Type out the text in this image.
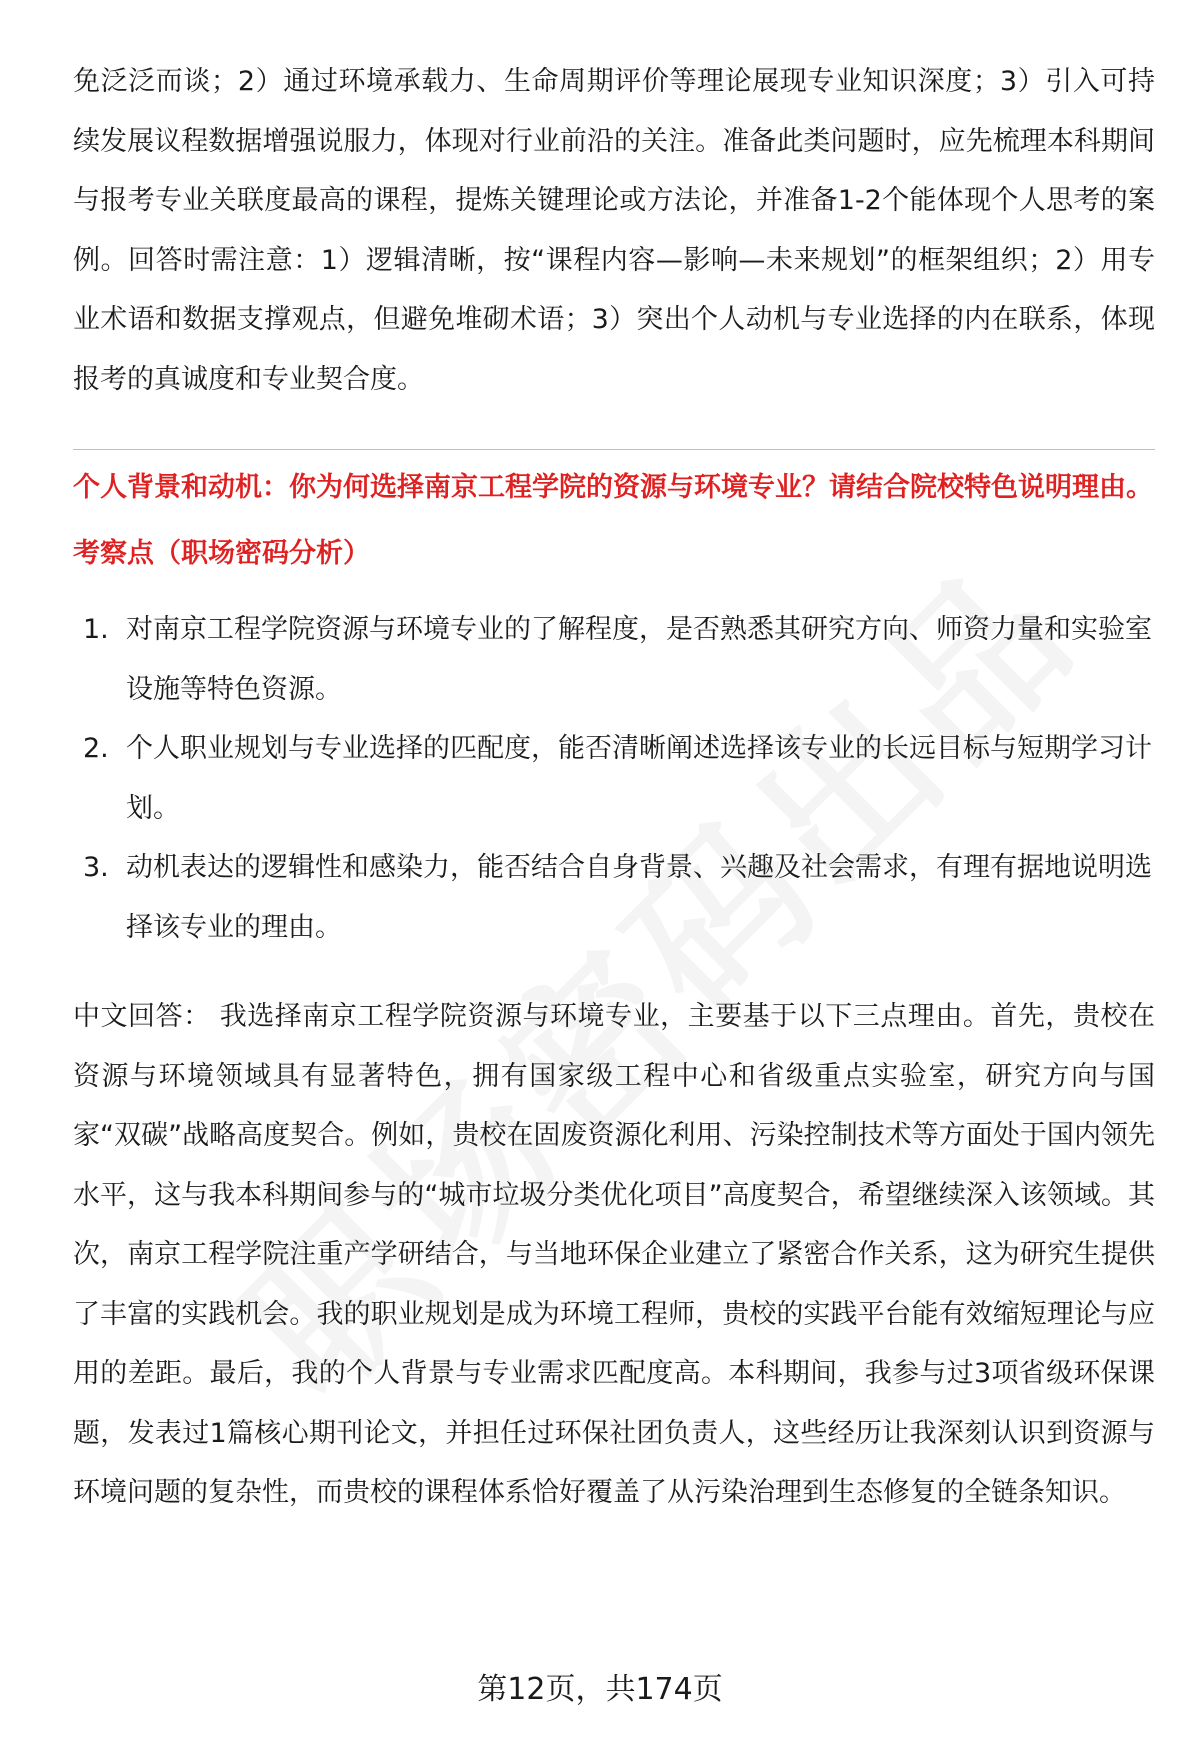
免泛泛而谈；2）通过环境承载力、生命周期评价等理论展现专业知识深度；3）引入可持续发展议程数据增强说服力，体现对行业前沿的关注。准备此类问题时，应先梳理本科期间与报考专业关联度最高的课程，提炼关键理论或方法论，并准备1-2个能体现个人思考的案例。回答时需注意：1）逻辑清晰，按“课程内容—影响—未来规划”的框架组织；2）用专业术语和数据支撑观点，但避免堆砌术语；3）突出个人动机与专业选择的内在联系，体现报考的真诚度和专业契合度。

个人背景和动机：你为何选择南京工程学院的资源与环境专业？请结合院校特色说明理由。

考察点（职场密码分析）

1. 对南京工程学院资源与环境专业的了解程度，是否熟悉其研究方向、师资力量和实验室设施等特色资源。
2. 个人职业规划与专业选择的匹配度，能否清晰阐述选择该专业的长远目标与短期学习计划。
3. 动机表达的逻辑性和感染力，能否结合自身背景、兴趣及社会需求，有理有据地说明选择该专业的理由。

中文回答： 我选择南京工程学院资源与环境专业，主要基于以下三点理由。首先，贵校在资源与环境领域具有显著特色，拥有国家级工程中心和省级重点实验室，研究方向与国家“双碳”战略高度契合。例如，贵校在固废资源化利用、污染控制技术等方面处于国内领先水平，这与我本科期间参与的“城市垃圾分类优化项目”高度契合，希望继续深入该领域。其次，南京工程学院注重产学研结合，与当地环保企业建立了紧密合作关系，这为研究生提供了丰富的实践机会。我的职业规划是成为环境工程师，贵校的实践平台能有效缩短理论与应用的差距。最后，我的个人背景与专业需求匹配度高。本科期间，我参与过3项省级环保课题，发表过1篇核心期刊论文，并担任过环保社团负责人，这些经历让我深刻认识到资源与环境问题的复杂性，而贵校的课程体系恰好覆盖了从污染治理到生态修复的全链条知识。

第12页，共174页
